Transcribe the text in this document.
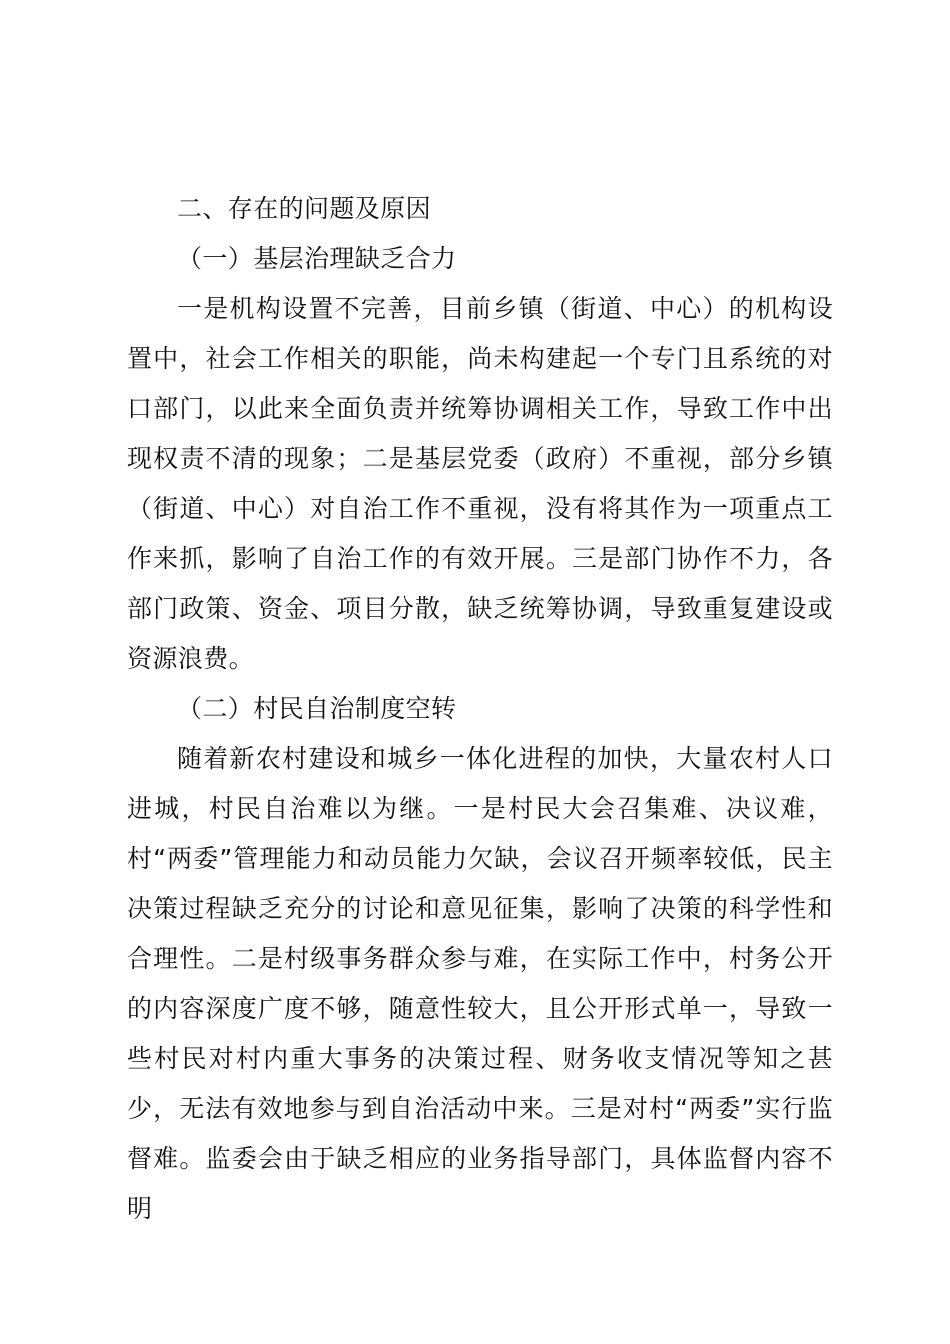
二、存在的问题及原因

（一）基层治理缺乏合力

一是机构设置不完善，目前乡镇（街道、中心）的机构设置中，社会工作相关的职能，尚未构建起一个专门且系统的对口部门，以此来全面负责并统筹协调相关工作，导致工作中出现权责不清的现象；二是基层党委（政府）不重视，部分乡镇（街道、中心）对自治工作不重视，没有将其作为一项重点工作来抓，影响了自治工作的有效开展。三是部门协作不力，各部门政策、资金、项目分散，缺乏统筹协调，导致重复建设或资源浪费。

（二）村民自治制度空转

随着新农村建设和城乡一体化进程的加快，大量农村人口进城，村民自治难以为继。一是村民大会召集难、决议难，村“两委”管理能力和动员能力欠缺，会议召开频率较低，民主决策过程缺乏充分的讨论和意见征集，影响了决策的科学性和合理性。二是村级事务群众参与难，在实际工作中，村务公开的内容深度广度不够，随意性较大，且公开形式单一，导致一些村民对村内重大事务的决策过程、财务收支情况等知之甚少，无法有效地参与到自治活动中来。三是对村“两委”实行监督难。监委会由于缺乏相应的业务指导部门，具体监督内容不明
